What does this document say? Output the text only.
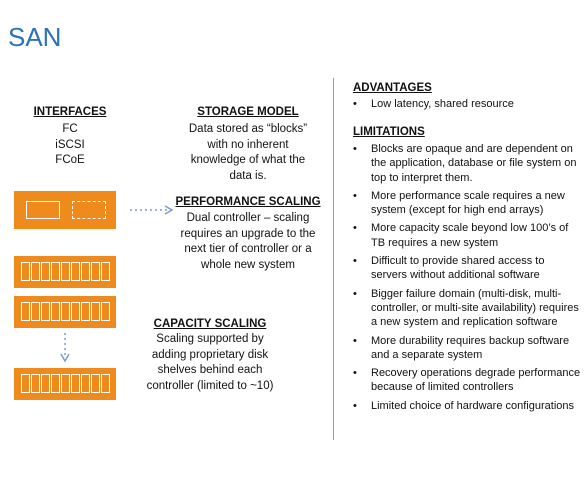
SAN
INTERFACES
FC
iSCSI
FCoE
STORAGE MODEL
Data stored as “blocks”
with no inherent
knowledge of what the
data is.
PERFORMANCE SCALING
Dual controller – scaling
requires an upgrade to the
next tier of controller or a
whole new system
CAPACITY SCALING
Scaling supported by
adding proprietary disk
shelves behind each
controller (limited to ~10)
ADVANTAGES
• Low latency, shared resource
LIMITATIONS
• Blocks are opaque and are dependent on the application, database or file system on top to interpret them.
• More performance scale requires a new system (except for high end arrays)
• More capacity scale beyond low 100’s of TB requires a new system
• Difficult to provide shared access to servers without additional software
• Bigger failure domain (multi-disk, multi-controller, or multi-site availability) requires a new system and replication software
• More durability requires backup software and a separate system
• Recovery operations degrade performance because of limited controllers
• Limited choice of hardware configurations
